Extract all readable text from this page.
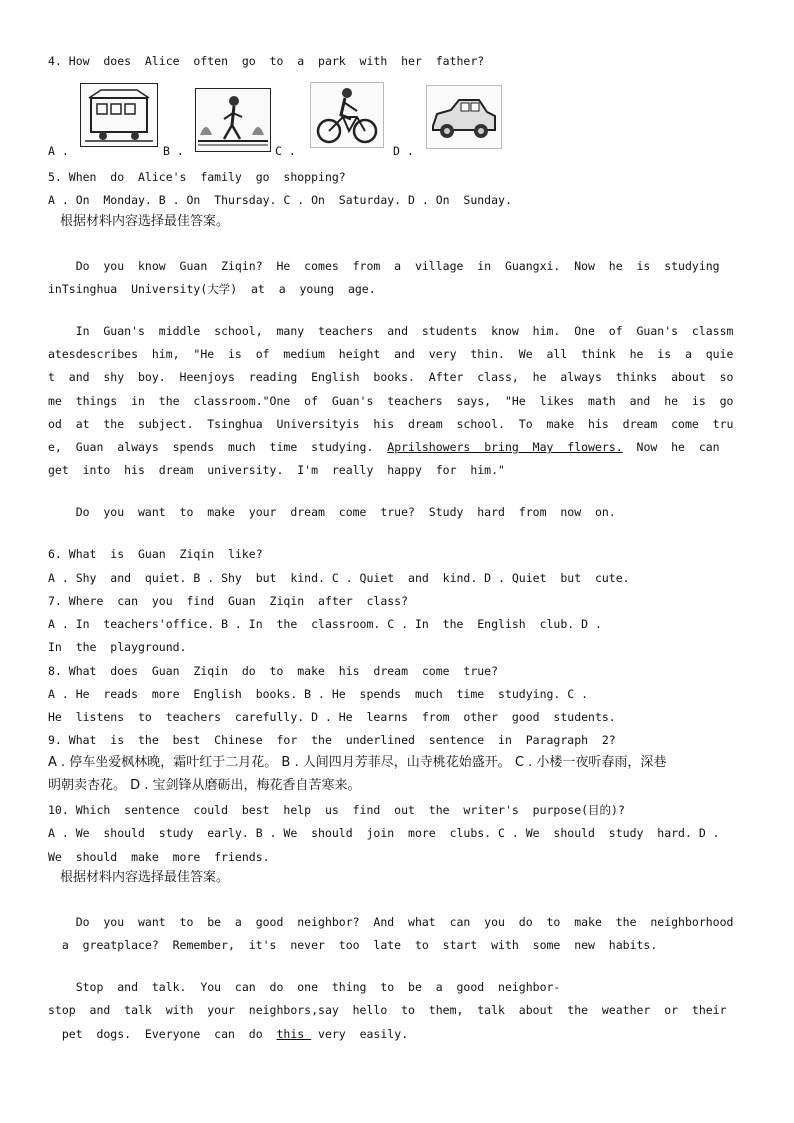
4. How  does  Alice  often  go  to  a  park  with  her  father?
A .	B .	C .	D .
5. When  do  Alice's  family  go  shopping?
A . On  Monday. B . On  Thursday. C . On  Saturday. D . On  Sunday.
根据材料内容选择最佳答案。
Do  you  know  Guan  Ziqin?  He  comes  from  a  village  in  Guangxi.  Now  he  is  studying
inTsinghua  University(大学)  at  a  young  age.
In  Guan's  middle  school,  many  teachers  and  students  know  him.  One  of  Guan's  classm
atesdescribes  him,  "He  is  of  medium  height  and  very  thin.  We  all  think  he  is  a  quie
t  and  shy  boy.  Heenjoys  reading  English  books.  After  class,  he  always  thinks  about  so
me  things  in  the  classroom."One  of  Guan's  teachers  says,  "He  likes  math  and  he  is  go
od  at  the  subject.  Tsinghua  Universityis  his  dream  school.  To  make  his  dream  come  tru
e,  Guan  always  spends  much  time  studying.  Aprilshowers  bring  May  flowers.  Now  he  can
get  into  his  dream  university.  I'm  really  happy  for  him."
Do  you  want  to  make  your  dream  come  true?  Study  hard  from  now  on.
6. What  is  Guan  Ziqin  like?
A . Shy  and  quiet. B . Shy  but  kind. C . Quiet  and  kind. D . Quiet  but  cute.
7. Where  can  you  find  Guan  Ziqin  after  class?
A . In  teachers'office. B . In  the  classroom. C . In  the  English  club. D .
In  the  playground.
8. What  does  Guan  Ziqin  do  to  make  his  dream  come  true?
A . He  reads  more  English  books. B . He  spends  much  time  studying. C .
He  listens  to  teachers  carefully. D . He  learns  from  other  good  students.
9. What  is  the  best  Chinese  for  the  underlined  sentence  in  Paragraph  2?
A . 停车坐爱枫林晚，霜叶红于二月花。 B . 人间四月芳菲尽，山寺桃花始盛开。 C . 小楼一夜听春雨，深巷
明朝卖杏花。 D . 宝剑锋从磨砺出，梅花香自苦寒来。
10. Which  sentence  could  best  help  us  find  out  the  writer's  purpose(目的)?
A . We  should  study  early. B . We  should  join  more  clubs. C . We  should  study  hard. D .
We  should  make  more  friends.
根据材料内容选择最佳答案。
Do  you  want  to  be  a  good  neighbor?  And  what  can  you  do  to  make  the  neighborhood
a  greatplace?  Remember,  it's  never  too  late  to  start  with  some  new  habits.
Stop  and  talk.  You  can  do  one  thing  to  be  a  good  neighbor-
stop  and  talk  with  your  neighbors,say  hello  to  them,  talk  about  the  weather  or  their
pet  dogs.  Everyone  can  do  this  very  easily.
